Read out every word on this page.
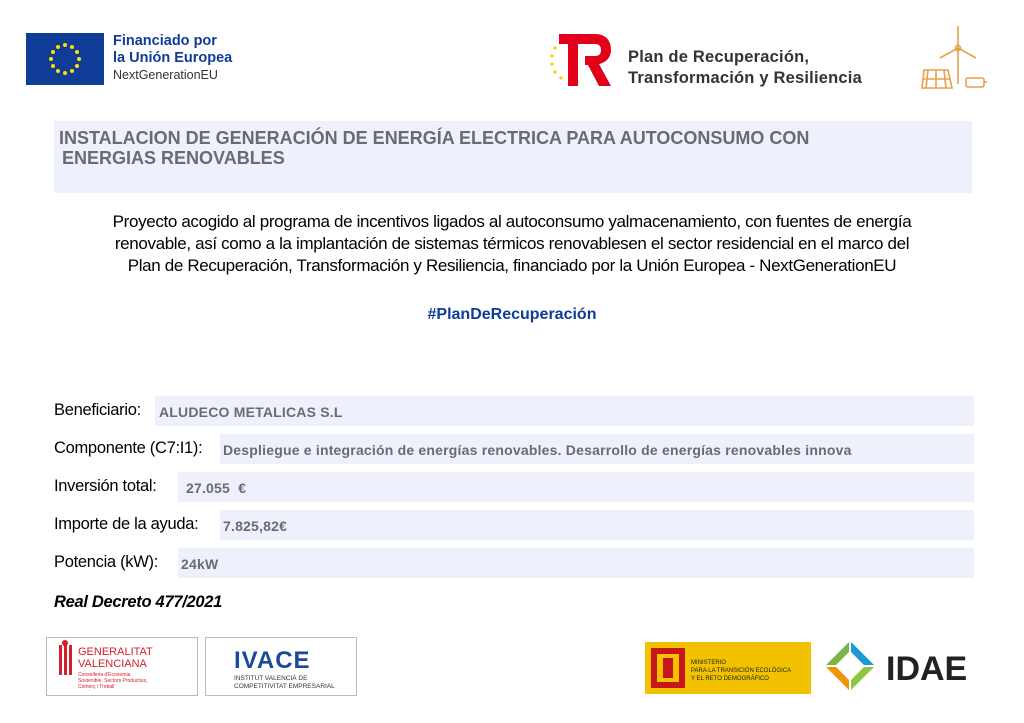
Financiado por
la Unión Europea
NextGenerationEU
Plan de Recuperación,
Transformación y Resiliencia
INSTALACION DE GENERACIÓN DE ENERGÍA ELECTRICA PARA AUTOCONSUMO CON
ENERGIAS RENOVABLES
Proyecto acogido al programa de incentivos ligados al autoconsumo yalmacenamiento, con fuentes de energía
renovable, así como a la implantación de sistemas térmicos renovablesen el sector residencial en el marco del
Plan de Recuperación, Transformación y Resiliencia, financiado por la Unión Europea - NextGenerationEU
#PlanDeRecuperación
Beneficiario: ALUDECO METALICAS S.L
Componente (C7:I1): Despliegue e integración de energías renovables. Desarrollo de energías renovables innova
Inversión total: 27.055  €
Importe de la ayuda: 7.825,82€
Potencia (kW): 24kW
Real Decreto 477/2021
GENERALITAT
VALENCIANA
Conselleria d'Economia
Sostenible, Sectors Productius,
Comerç i Treball
IVACE
INSTITUT VALENCIÀ DE
COMPETITIVITAT EMPRESARIAL
MINISTERIO
PARA LA TRANSICIÓN ECOLÓGICA
Y EL RETO DEMOGRÁFICO	IDAE
